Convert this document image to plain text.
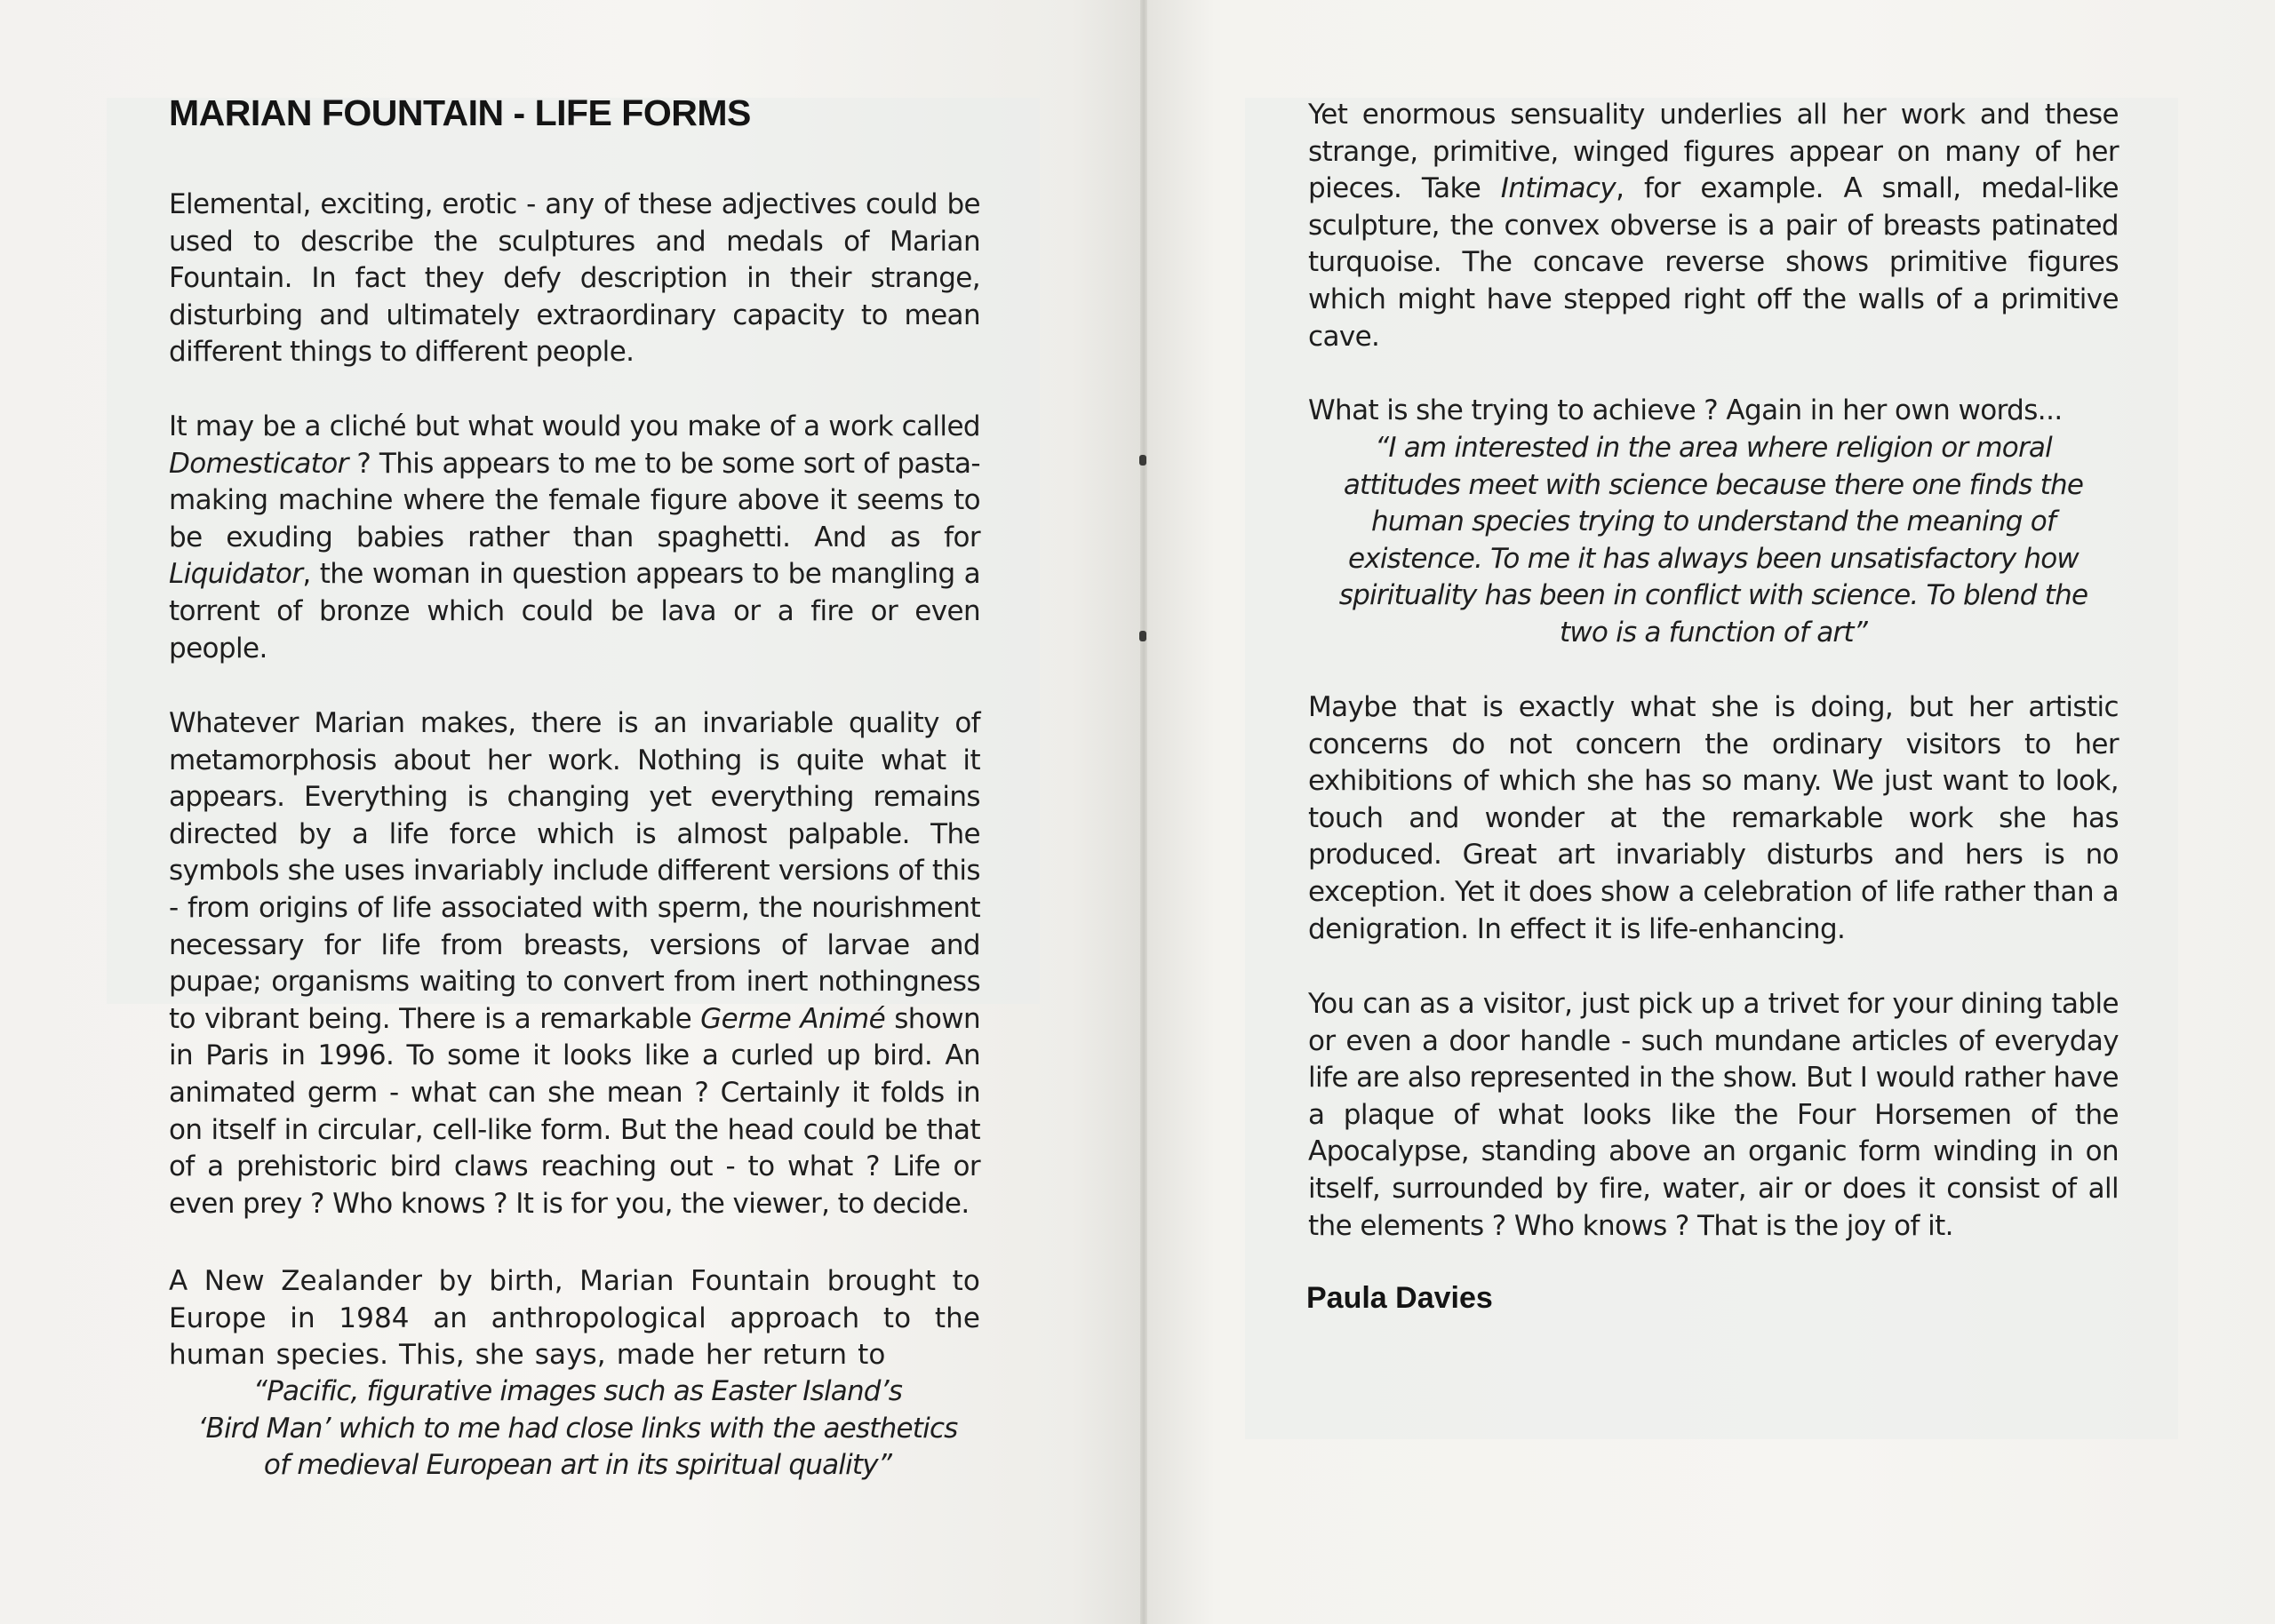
MARIAN FOUNTAIN - LIFE FORMS

Elemental, exciting, erotic - any of these adjectives could be used to describe the sculptures and medals of Marian Fountain. In fact they defy description in their strange, disturbing and ultimately extraordinary capacity to mean different things to different people.

It may be a cliché but what would you make of a work called Domesticator ? This appears to me to be some sort of pasta-making machine where the female figure above it seems to be exuding babies rather than spaghetti. And as for Liquidator, the woman in question appears to be mangling a torrent of bronze which could be lava or a fire or even people.

Whatever Marian makes, there is an invariable quality of metamorphosis about her work. Nothing is quite what it appears. Everything is changing yet everything remains directed by a life force which is almost palpable. The symbols she uses invariably include different versions of this - from origins of life associated with sperm, the nourishment necessary for life from breasts, versions of larvae and pupae; organisms waiting to convert from inert nothingness to vibrant being. There is a remarkable Germe Animé shown in Paris in 1996. To some it looks like a curled up bird. An animated germ - what can she mean ? Certainly it folds in on itself in circular, cell-like form. But the head could be that of a prehistoric bird claws reaching out - to what ? Life or even prey ? Who knows ? It is for you, the viewer, to decide.

A New Zealander by birth, Marian Fountain brought to Europe in 1984 an anthropological approach to the human species. This, she says, made her return to

“Pacific, figurative images such as Easter Island’s
‘Bird Man’ which to me had close links with the aesthetics
of medieval European art in its spiritual quality”

Yet enormous sensuality underlies all her work and these strange, primitive, winged figures appear on many of her pieces. Take Intimacy, for example. A small, medal-like sculpture, the convex obverse is a pair of breasts patinated turquoise. The concave reverse shows primitive figures which might have stepped right off the walls of a primitive cave.

What is she trying to achieve ? Again in her own words...

“I am interested in the area where religion or moral
attitudes meet with science because there one finds the
human species trying to understand the meaning of
existence. To me it has always been unsatisfactory how
spirituality has been in conflict with science. To blend the
two is a function of art”

Maybe that is exactly what she is doing, but her artistic concerns do not concern the ordinary visitors to her exhibitions of which she has so many. We just want to look, touch and wonder at the remarkable work she has produced. Great art invariably disturbs and hers is no exception. Yet it does show a celebration of life rather than a denigration. In effect it is life-enhancing.

You can as a visitor, just pick up a trivet for your dining table or even a door handle - such mundane articles of everyday life are also represented in the show. But I would rather have a plaque of what looks like the Four Horsemen of the Apocalypse, standing above an organic form winding in on itself, surrounded by fire, water, air or does it consist of all the elements ? Who knows ? That is the joy of it.

Paula Davies
